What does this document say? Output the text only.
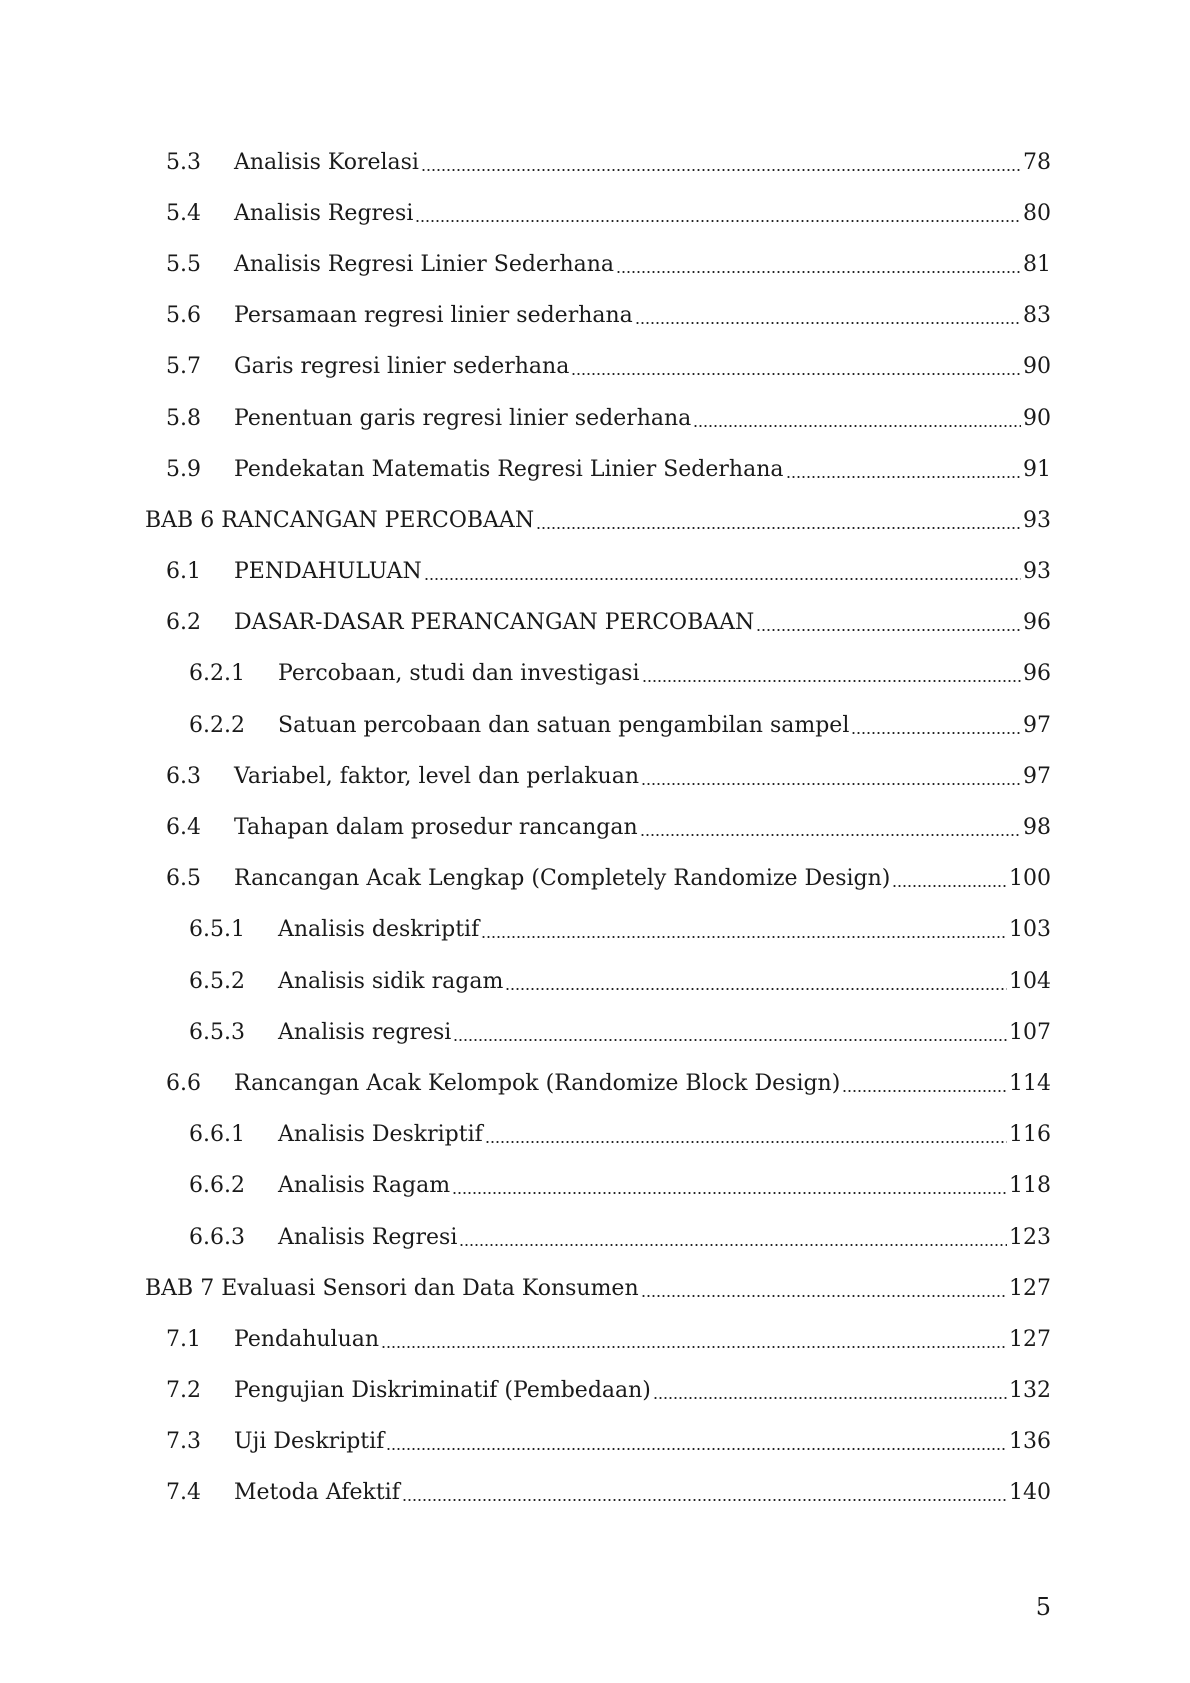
5.3	Analisis Korelasi	78
5.4	Analisis Regresi	80
5.5	Analisis Regresi Linier Sederhana	81
5.6	Persamaan regresi linier sederhana	83
5.7	Garis regresi linier sederhana	90
5.8	Penentuan garis regresi linier sederhana	90
5.9	Pendekatan Matematis Regresi Linier Sederhana	91
BAB 6 RANCANGAN PERCOBAAN	93
6.1	PENDAHULUAN	93
6.2	DASAR-DASAR PERANCANGAN PERCOBAAN	96
6.2.1	Percobaan, studi dan investigasi	96
6.2.2	Satuan percobaan dan satuan pengambilan sampel	97
6.3	Variabel, faktor, level dan perlakuan	97
6.4	Tahapan dalam prosedur rancangan	98
6.5	Rancangan Acak Lengkap (Completely Randomize Design)	100
6.5.1	Analisis deskriptif	103
6.5.2	Analisis sidik ragam	104
6.5.3	Analisis regresi	107
6.6	Rancangan Acak Kelompok (Randomize Block Design)	114
6.6.1	Analisis Deskriptif	116
6.6.2	Analisis Ragam	118
6.6.3	Analisis Regresi	123
BAB 7 Evaluasi Sensori dan Data Konsumen	127
7.1	Pendahuluan	127
7.2	Pengujian Diskriminatif (Pembedaan)	132
7.3	Uji Deskriptif	136
7.4	Metoda Afektif	140
5
